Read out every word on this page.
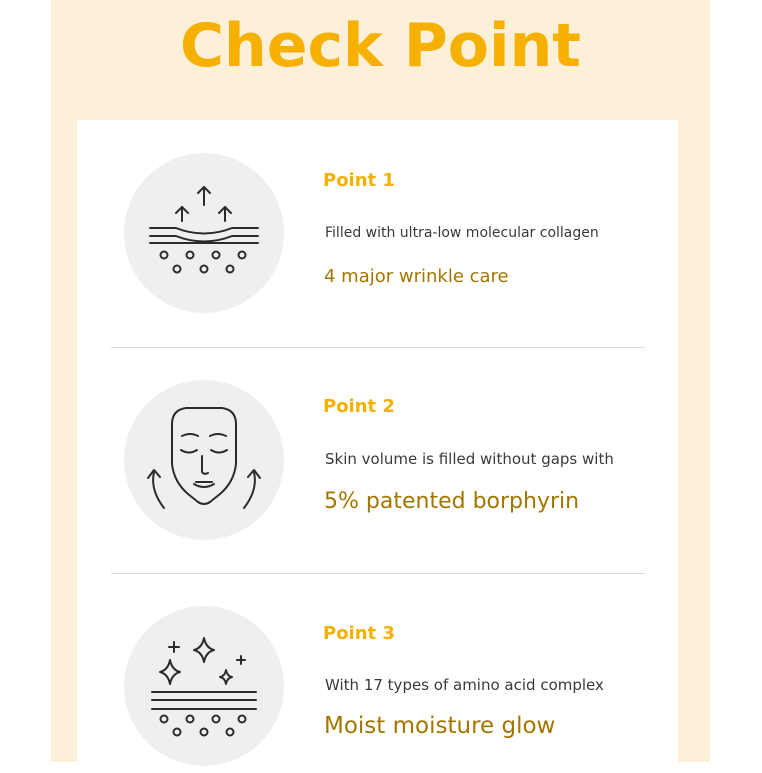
Check Point
Point 1
Filled with ultra-low molecular collagen
4 major wrinkle care
Point 2
Skin volume is filled without gaps with
5% patented borphyrin
Point 3
With 17 types of amino acid complex
Moist moisture glow
